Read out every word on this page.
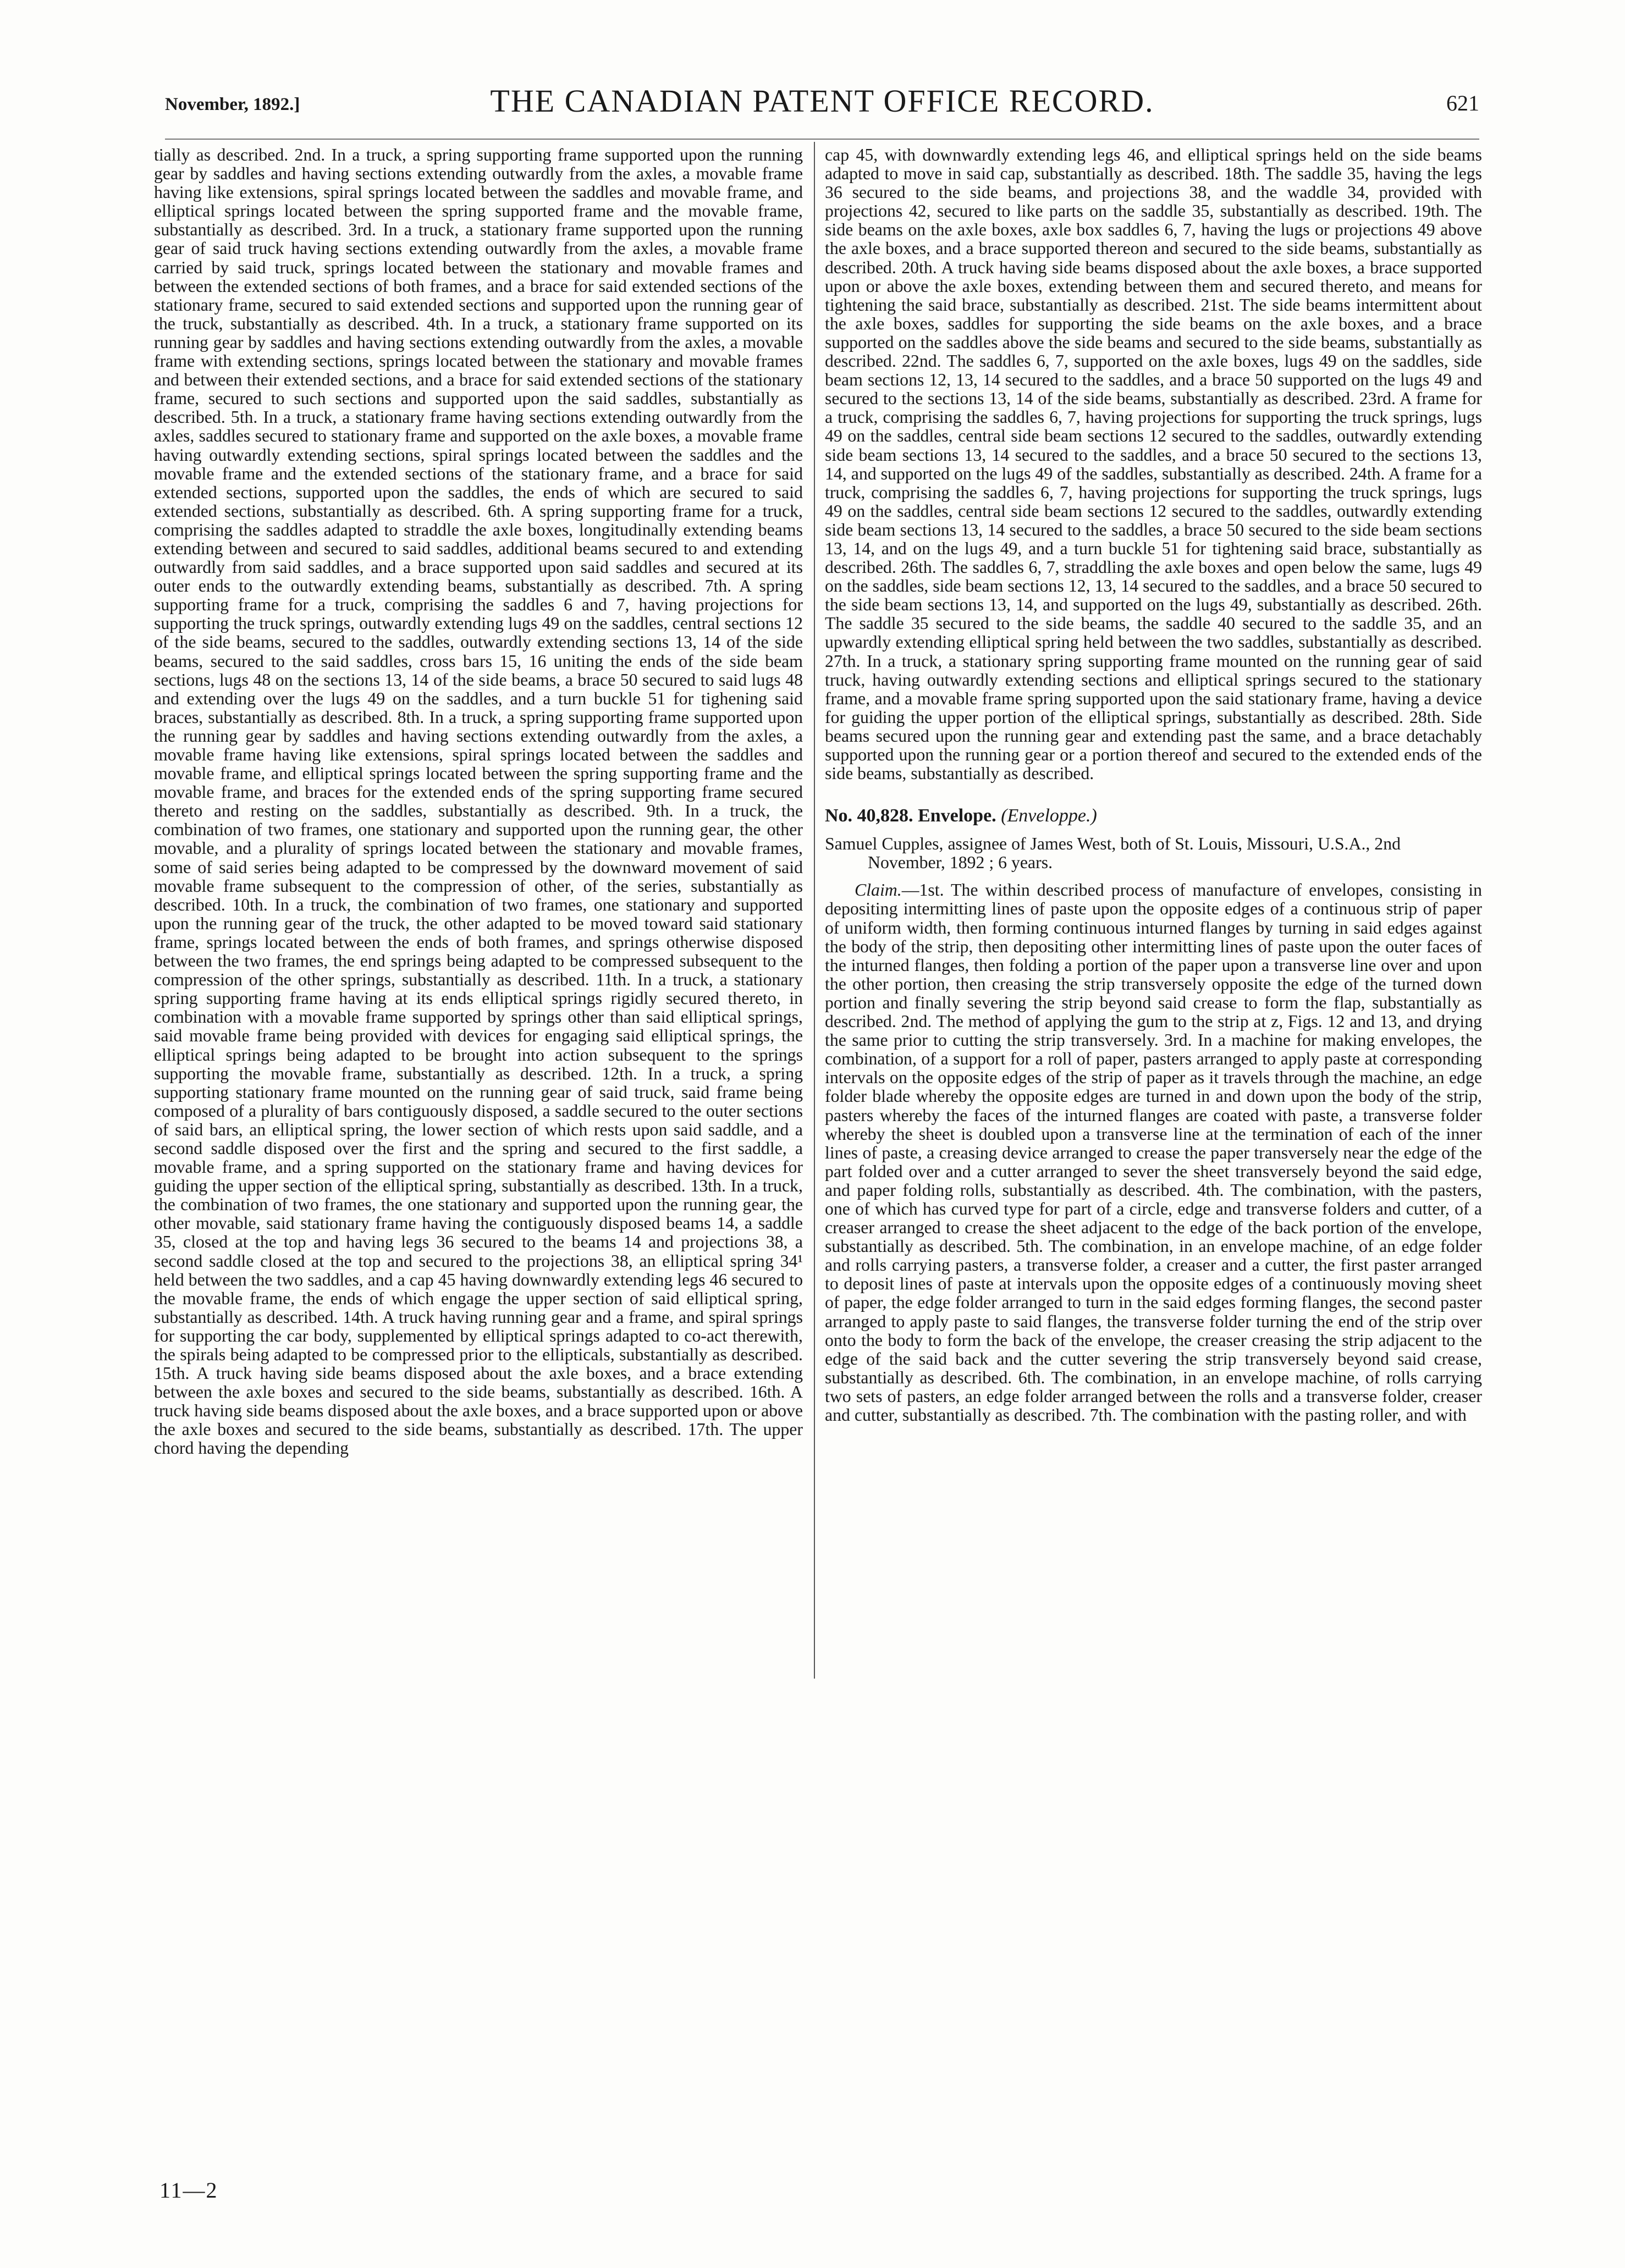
November, 1892.]	THE CANADIAN PATENT OFFICE RECORD.	621

tially as described. 2nd. In a truck, a spring supporting frame supported upon the running gear by saddles and having sections extending outwardly from the axles, a movable frame having like extensions, spiral springs located between the saddles and movable frame, and elliptical springs located between the spring supported frame and the movable frame, substantially as described. 3rd. In a truck, a stationary frame supported upon the running gear of said truck having sections extending outwardly from the axles, a movable frame carried by said truck, springs located between the stationary and movable frames and between the extended sections of both frames, and a brace for said extended sections of the stationary frame, secured to said extended sections and supported upon the running gear of the truck, substantially as described. 4th. In a truck, a stationary frame supported on its running gear by saddles and having sections extending outwardly from the axles, a movable frame with extending sections, springs located between the stationary and movable frames and between their extended sections, and a brace for said extended sections of the stationary frame, secured to such sections and supported upon the said saddles, substantially as described. 5th. In a truck, a stationary frame having sections extending outwardly from the axles, saddles secured to stationary frame and supported on the axle boxes, a movable frame having outwardly extending sections, spiral springs located between the saddles and the movable frame and the extended sections of the stationary frame, and a brace for said extended sections, supported upon the saddles, the ends of which are secured to said extended sections, substantially as described. 6th. A spring supporting frame for a truck, comprising the saddles adapted to straddle the axle boxes, longitudinally extending beams extending between and secured to said saddles, additional beams secured to and extending outwardly from said saddles, and a brace supported upon said saddles and secured at its outer ends to the outwardly extending beams, substantially as described. 7th. A spring supporting frame for a truck, comprising the saddles 6 and 7, having projections for supporting the truck springs, outwardly extending lugs 49 on the saddles, central sections 12 of the side beams, secured to the saddles, outwardly extending sections 13, 14 of the side beams, secured to the said saddles, cross bars 15, 16 uniting the ends of the side beam sections, lugs 48 on the sections 13, 14 of the side beams, a brace 50 secured to said lugs 48 and extending over the lugs 49 on the saddles, and a turn buckle 51 for tighening said braces, substantially as described. 8th. In a truck, a spring supporting frame supported upon the running gear by saddles and having sections extending outwardly from the axles, a movable frame having like extensions, spiral springs located between the saddles and movable frame, and elliptical springs located between the spring supporting frame and the movable frame, and braces for the extended ends of the spring supporting frame secured thereto and resting on the saddles, substantially as described. 9th. In a truck, the combination of two frames, one stationary and supported upon the running gear, the other movable, and a plurality of springs located between the stationary and movable frames, some of said series being adapted to be compressed by the downward movement of said movable frame subsequent to the compression of other, of the series, substantially as described. 10th. In a truck, the combination of two frames, one stationary and supported upon the running gear of the truck, the other adapted to be moved toward said stationary frame, springs located between the ends of both frames, and springs otherwise disposed between the two frames, the end springs being adapted to be compressed subsequent to the compression of the other springs, substantially as described. 11th. In a truck, a stationary spring supporting frame having at its ends elliptical springs rigidly secured thereto, in combination with a movable frame supported by springs other than said elliptical springs, said movable frame being provided with devices for engaging said elliptical springs, the elliptical springs being adapted to be brought into action subsequent to the springs supporting the movable frame, substantially as described. 12th. In a truck, a spring supporting stationary frame mounted on the running gear of said truck, said frame being composed of a plurality of bars contiguously disposed, a saddle secured to the outer sections of said bars, an elliptical spring, the lower section of which rests upon said saddle, and a second saddle disposed over the first and the spring and secured to the first saddle, a movable frame, and a spring supported on the stationary frame and having devices for guiding the upper section of the elliptical spring, substantially as described. 13th. In a truck, the combination of two frames, the one stationary and supported upon the running gear, the other movable, said stationary frame having the contiguously disposed beams 14, a saddle 35, closed at the top and having legs 36 secured to the beams 14 and projections 38, a second saddle closed at the top and secured to the projections 38, an elliptical spring 34¹ held between the two saddles, and a cap 45 having downwardly extending legs 46 secured to the movable frame, the ends of which engage the upper section of said elliptical spring, substantially as described. 14th. A truck having running gear and a frame, and spiral springs for supporting the car body, supplemented by elliptical springs adapted to co-act therewith, the spirals being adapted to be compressed prior to the ellipticals, substantially as described. 15th. A truck having side beams disposed about the axle boxes, and a brace extending between the axle boxes and secured to the side beams, substantially as described. 16th. A truck having side beams disposed about the axle boxes, and a brace supported upon or above the axle boxes and secured to the side beams, substantially as described. 17th. The upper chord having the depending

cap 45, with downwardly extending legs 46, and elliptical springs held on the side beams adapted to move in said cap, substantially as described. 18th. The saddle 35, having the legs 36 secured to the side beams, and projections 38, and the waddle 34, provided with projections 42, secured to like parts on the saddle 35, substantially as described. 19th. The side beams on the axle boxes, axle box saddles 6, 7, having the lugs or projections 49 above the axle boxes, and a brace supported thereon and secured to the side beams, substantially as described. 20th. A truck having side beams disposed about the axle boxes, a brace supported upon or above the axle boxes, extending between them and secured thereto, and means for tightening the said brace, substantially as described. 21st. The side beams intermittent about the axle boxes, saddles for supporting the side beams on the axle boxes, and a brace supported on the saddles above the side beams and secured to the side beams, substantially as described. 22nd. The saddles 6, 7, supported on the axle boxes, lugs 49 on the saddles, side beam sections 12, 13, 14 secured to the saddles, and a brace 50 supported on the lugs 49 and secured to the sections 13, 14 of the side beams, substantially as described. 23rd. A frame for a truck, comprising the saddles 6, 7, having projections for supporting the truck springs, lugs 49 on the saddles, central side beam sections 12 secured to the saddles, outwardly extending side beam sections 13, 14 secured to the saddles, and a brace 50 secured to the sections 13, 14, and supported on the lugs 49 of the saddles, substantially as described. 24th. A frame for a truck, comprising the saddles 6, 7, having projections for supporting the truck springs, lugs 49 on the saddles, central side beam sections 12 secured to the saddles, outwardly extending side beam sections 13, 14 secured to the saddles, a brace 50 secured to the side beam sections 13, 14, and on the lugs 49, and a turn buckle 51 for tightening said brace, substantially as described. 26th. The saddles 6, 7, straddling the axle boxes and open below the same, lugs 49 on the saddles, side beam sections 12, 13, 14 secured to the saddles, and a brace 50 secured to the side beam sections 13, 14, and supported on the lugs 49, substantially as described. 26th. The saddle 35 secured to the side beams, the saddle 40 secured to the saddle 35, and an upwardly extending elliptical spring held between the two saddles, substantially as described. 27th. In a truck, a stationary spring supporting frame mounted on the running gear of said truck, having outwardly extending sections and elliptical springs secured to the stationary frame, and a movable frame spring supported upon the said stationary frame, having a device for guiding the upper portion of the elliptical springs, substantially as described. 28th. Side beams secured upon the running gear and extending past the same, and a brace detachably supported upon the running gear or a portion thereof and secured to the extended ends of the side beams, substantially as described.

No. 40,828. Envelope. (Enveloppe.)

Samuel Cupples, assignee of James West, both of St. Louis, Missouri, U.S.A., 2nd November, 1892 ; 6 years.

Claim.—1st. The within described process of manufacture of envelopes, consisting in depositing intermitting lines of paste upon the opposite edges of a continuous strip of paper of uniform width, then forming continuous inturned flanges by turning in said edges against the body of the strip, then depositing other intermitting lines of paste upon the outer faces of the inturned flanges, then folding a portion of the paper upon a transverse line over and upon the other portion, then creasing the strip transversely opposite the edge of the turned down portion and finally severing the strip beyond said crease to form the flap, substantially as described. 2nd. The method of applying the gum to the strip at z, Figs. 12 and 13, and drying the same prior to cutting the strip transversely. 3rd. In a machine for making envelopes, the combination, of a support for a roll of paper, pasters arranged to apply paste at corresponding intervals on the opposite edges of the strip of paper as it travels through the machine, an edge folder blade whereby the opposite edges are turned in and down upon the body of the strip, pasters whereby the faces of the inturned flanges are coated with paste, a transverse folder whereby the sheet is doubled upon a transverse line at the termination of each of the inner lines of paste, a creasing device arranged to crease the paper transversely near the edge of the part folded over and a cutter arranged to sever the sheet transversely beyond the said edge, and paper folding rolls, substantially as described. 4th. The combination, with the pasters, one of which has curved type for part of a circle, edge and transverse folders and cutter, of a creaser arranged to crease the sheet adjacent to the edge of the back portion of the envelope, substantially as described. 5th. The combination, in an envelope machine, of an edge folder and rolls carrying pasters, a transverse folder, a creaser and a cutter, the first paster arranged to deposit lines of paste at intervals upon the opposite edges of a continuously moving sheet of paper, the edge folder arranged to turn in the said edges forming flanges, the second paster arranged to apply paste to said flanges, the transverse folder turning the end of the strip over onto the body to form the back of the envelope, the creaser creasing the strip adjacent to the edge of the said back and the cutter severing the strip transversely beyond said crease, substantially as described. 6th. The combination, in an envelope machine, of rolls carrying two sets of pasters, an edge folder arranged between the rolls and a transverse folder, creaser and cutter, substantially as described. 7th. The combination with the pasting roller, and with

11—2
